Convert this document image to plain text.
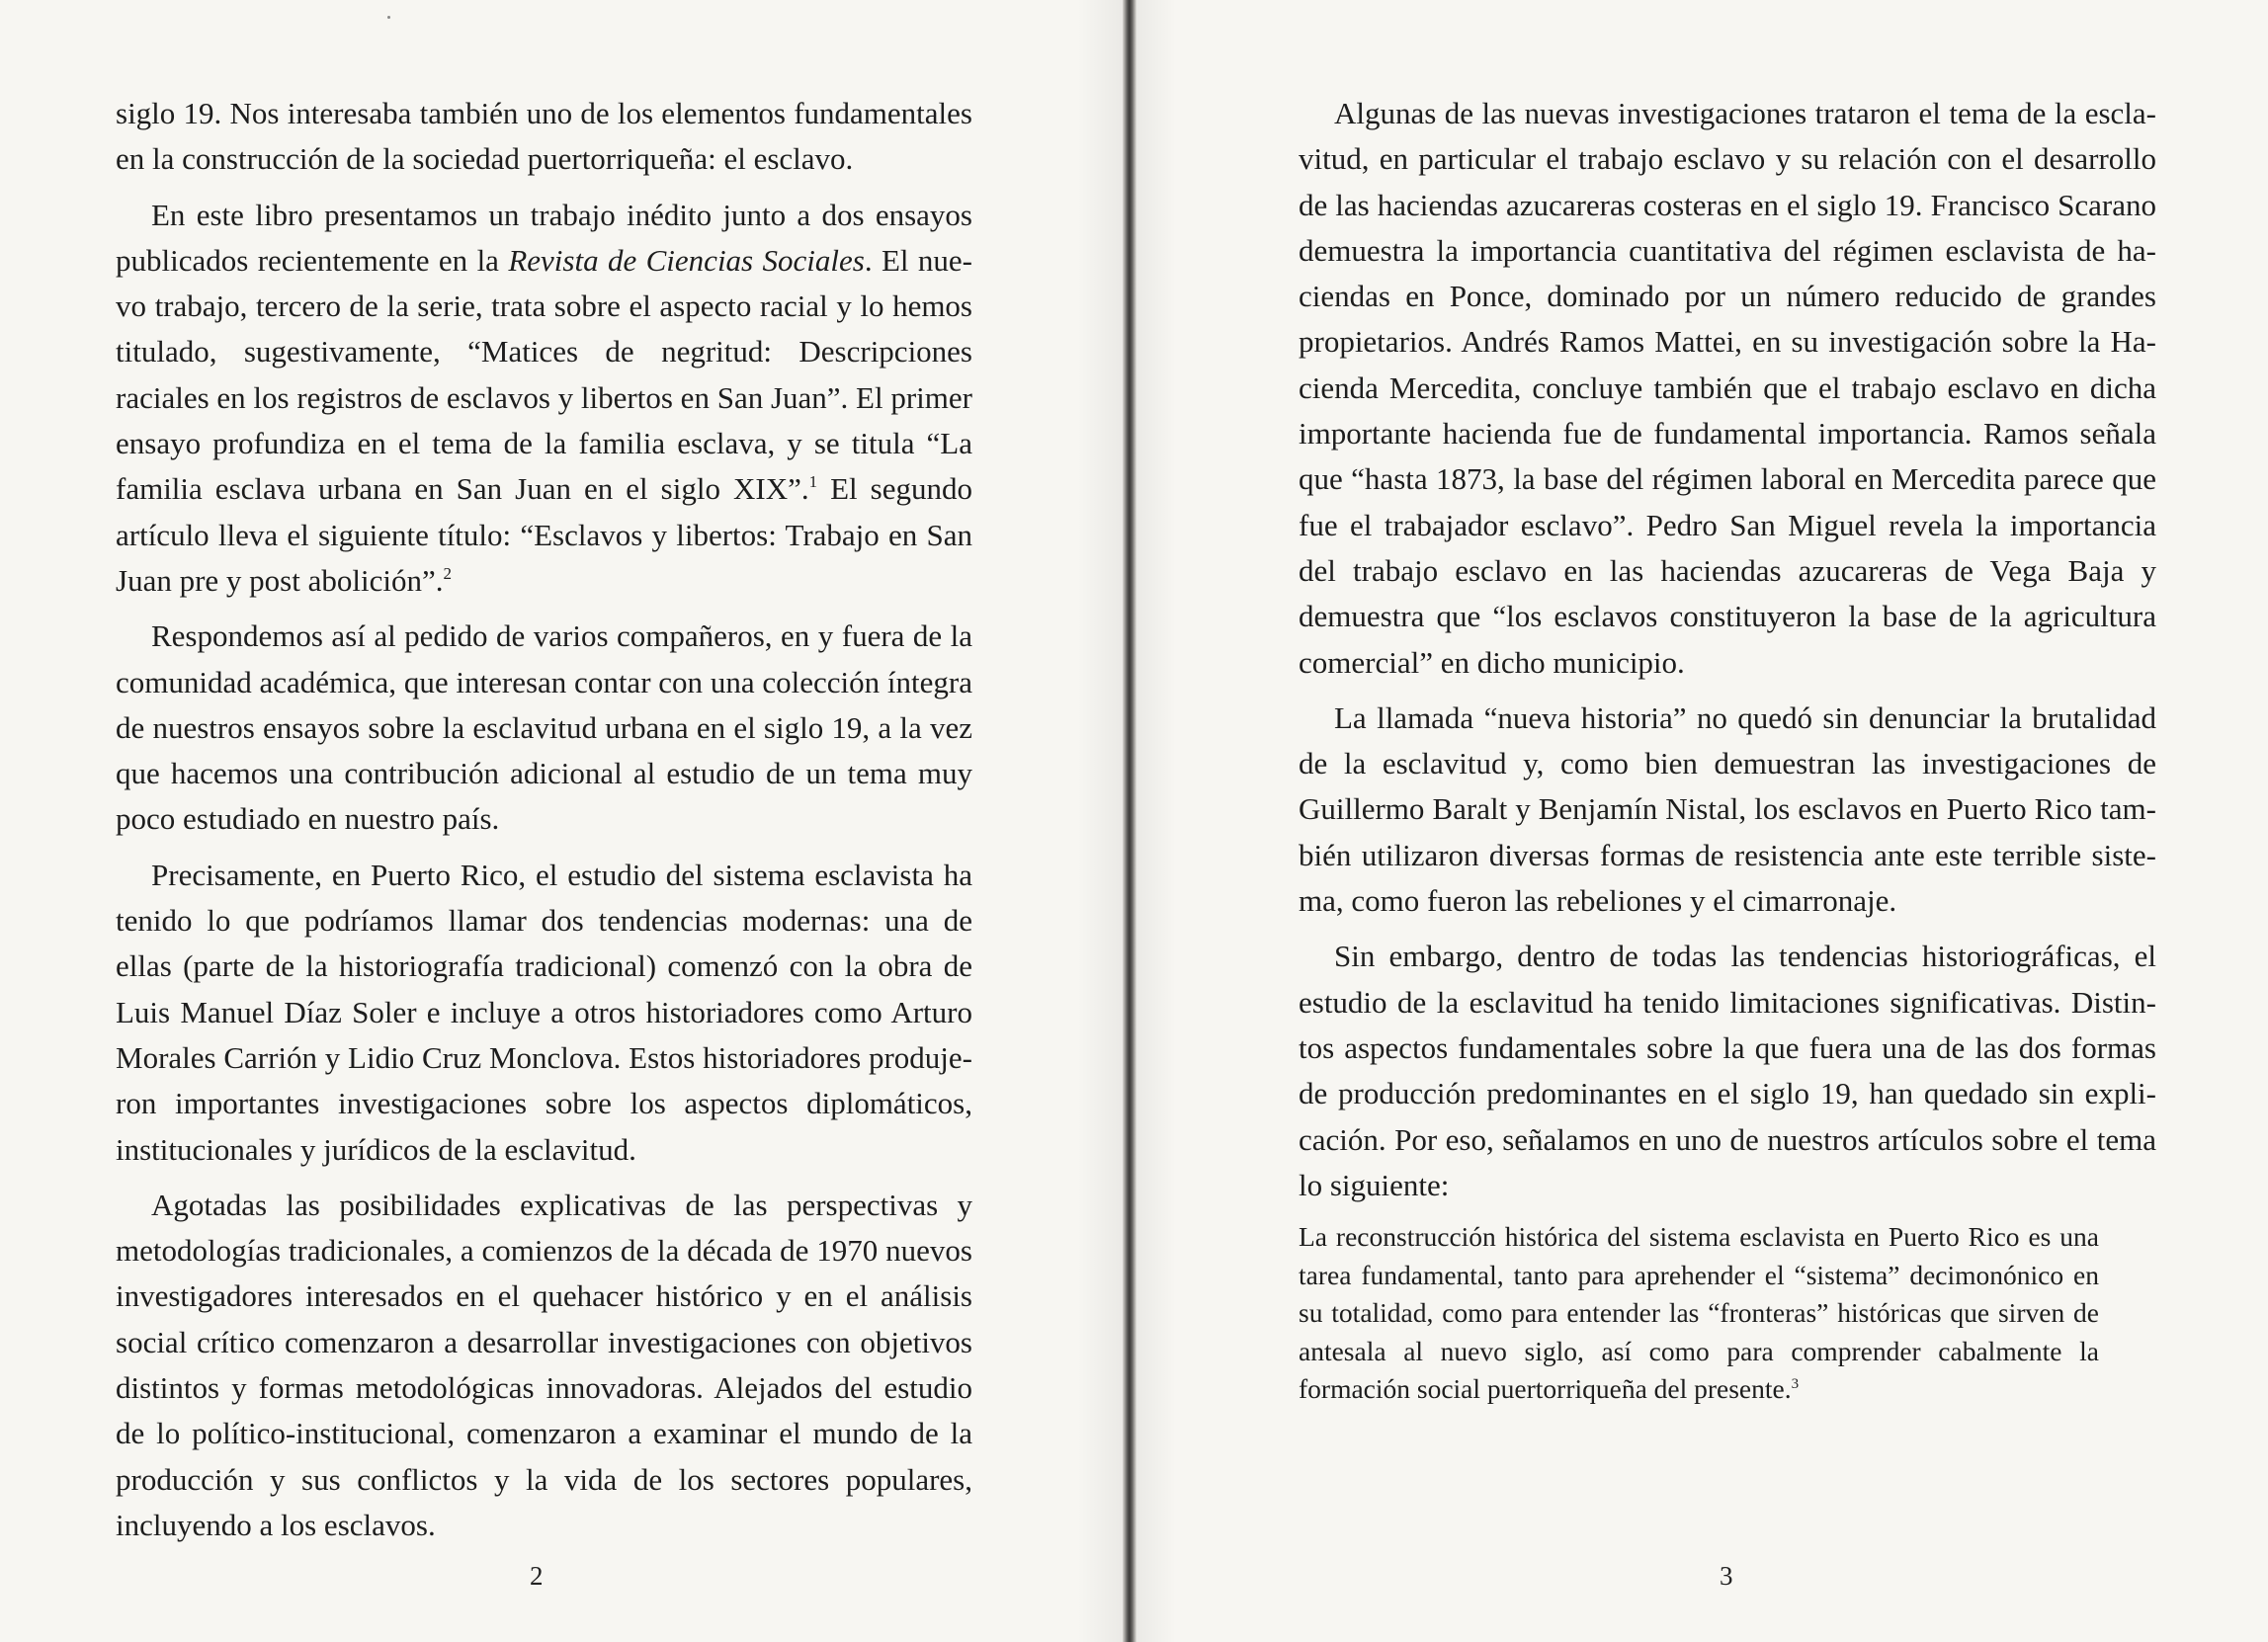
siglo 19. Nos interesaba también uno de los elementos fundamentales en la construcción de la sociedad puertorriqueña: el esclavo.

En este libro presentamos un trabajo inédito junto a dos ensayos publicados recientemente en la Revista de Ciencias Sociales. El nuevo trabajo, tercero de la serie, trata sobre el aspecto racial y lo hemos titulado, sugestivamente, “Matices de negritud: Descripciones raciales en los registros de esclavos y libertos en San Juan”. El primer ensayo profundiza en el tema de la familia esclava, y se titula “La familia esclava urbana en San Juan en el siglo XIX”.$^1$ El segundo artículo lleva el siguiente título: “Esclavos y libertos: Trabajo en San Juan pre y post abolición”.$^2$

Respondemos así al pedido de varios compañeros, en y fuera de la comunidad académica, que interesan contar con una colección íntegra de nuestros ensayos sobre la esclavitud urbana en el siglo 19, a la vez que hacemos una contribución adicional al estudio de un tema muy poco estudiado en nuestro país.

Precisamente, en Puerto Rico, el estudio del sistema esclavista ha tenido lo que podríamos llamar dos tendencias modernas: una de ellas (parte de la historiografía tradicional) comenzó con la obra de Luis Manuel Díaz Soler e incluye a otros historiadores como Arturo Morales Carrión y Lidio Cruz Monclova. Estos historiadores produjeron importantes investigaciones sobre los aspectos diplomáticos, institucionales y jurídicos de la esclavitud.

Agotadas las posibilidades explicativas de las perspectivas y metodologías tradicionales, a comienzos de la década de 1970 nuevos investigadores interesados en el quehacer histórico y en el análisis social crítico comenzaron a desarrollar investigaciones con objetivos distintos y formas metodológicas innovadoras. Alejados del estudio de lo político-institucional, comenzaron a examinar el mundo de la producción y sus conflictos y la vida de los sectores populares, incluyendo a los esclavos.

2

Algunas de las nuevas investigaciones trataron el tema de la esclavitud, en particular el trabajo esclavo y su relación con el desarrollo de las haciendas azucareras costeras en el siglo 19. Francisco Scarano demuestra la importancia cuantitativa del régimen esclavista de haciendas en Ponce, dominado por un número reducido de grandes propietarios. Andrés Ramos Mattei, en su investigación sobre la Hacienda Mercedita, concluye también que el trabajo esclavo en dicha importante hacienda fue de fundamental importancia. Ramos señala que “hasta 1873, la base del régimen laboral en Mercedita parece que fue el trabajador esclavo”. Pedro San Miguel revela la importancia del trabajo esclavo en las haciendas azucareras de Vega Baja y demuestra que “los esclavos constituyeron la base de la agricultura comercial” en dicho municipio.

La llamada “nueva historia” no quedó sin denunciar la brutalidad de la esclavitud y, como bien demuestran las investigaciones de Guillermo Baralt y Benjamín Nistal, los esclavos en Puerto Rico también utilizaron diversas formas de resistencia ante este terrible sistema, como fueron las rebeliones y el cimarronaje.

Sin embargo, dentro de todas las tendencias historiográficas, el estudio de la esclavitud ha tenido limitaciones significativas. Distintos aspectos fundamentales sobre la que fuera una de las dos formas de producción predominantes en el siglo 19, han quedado sin explicación. Por eso, señalamos en uno de nuestros artículos sobre el tema lo siguiente:

La reconstrucción histórica del sistema esclavista en Puerto Rico es una tarea fundamental, tanto para aprehender el “sistema” decimonónico en su totalidad, como para entender las “fronteras” históricas que sirven de antesala al nuevo siglo, así como para comprender cabalmente la formación social puertorriqueña del presente.$^3$

3
